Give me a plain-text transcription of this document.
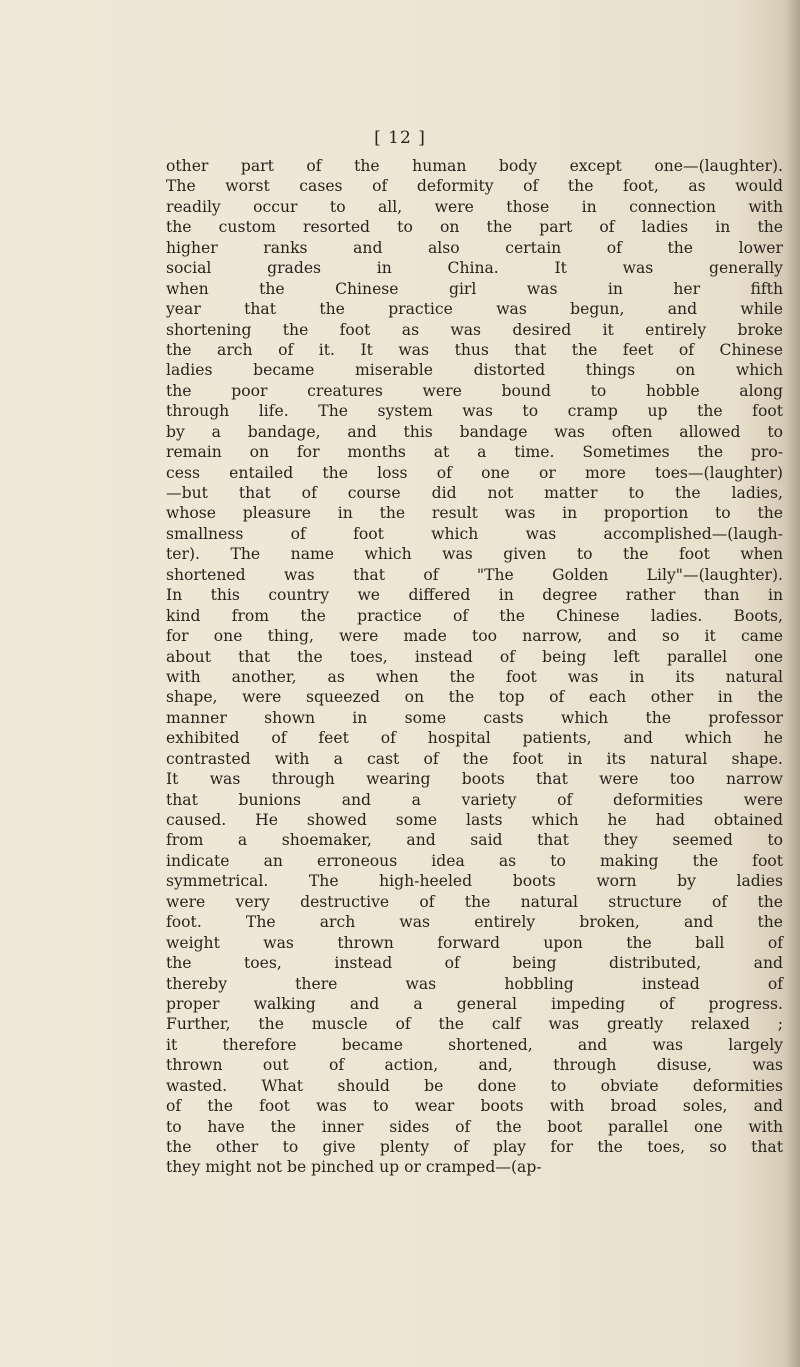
[ 12 ]
other part of the human body except one—(laughter).
The worst cases of deformity of the foot, as would
readily occur to all, were those in connection with
the custom resorted to on the part of ladies in the
higher ranks and also certain of the lower
social grades in China. It was generally
when the Chinese girl was in her fifth
year that the practice was begun, and while
shortening the foot as was desired it entirely broke
the arch of it. It was thus that the feet of Chinese
ladies became miserable distorted things on which
the poor creatures were bound to hobble along
through life. The system was to cramp up the foot
by a bandage, and this bandage was often allowed to
remain on for months at a time. Sometimes the pro-
cess entailed the loss of one or more toes—(laughter)
—but that of course did not matter to the ladies,
whose pleasure in the result was in proportion to the
smallness of foot which was accomplished—(laugh-
ter). The name which was given to the foot when
shortened was that of "The Golden Lily"—(laughter).
In this country we differed in degree rather than in
kind from the practice of the Chinese ladies. Boots,
for one thing, were made too narrow, and so it came
about that the toes, instead of being left parallel one
with another, as when the foot was in its natural
shape, were squeezed on the top of each other in the
manner shown in some casts which the professor
exhibited of feet of hospital patients, and which he
contrasted with a cast of the foot in its natural shape.
It was through wearing boots that were too narrow
that bunions and a variety of deformities were
caused. He showed some lasts which he had obtained
from a shoemaker, and said that they seemed to
indicate an erroneous idea as to making the foot
symmetrical. The high-heeled boots worn by ladies
were very destructive of the natural structure of the
foot. The arch was entirely broken, and the
weight was thrown forward upon the ball of
the toes, instead of being distributed, and
thereby there was hobbling instead of
proper walking and a general impeding of progress.
Further, the muscle of the calf was greatly relaxed ;
it therefore became shortened, and was largely
thrown out of action, and, through disuse, was
wasted. What should be done to obviate deformities
of the foot was to wear boots with broad soles, and
to have the inner sides of the boot parallel one with
the other to give plenty of play for the toes, so that
they might not be pinched up or cramped—(ap-
